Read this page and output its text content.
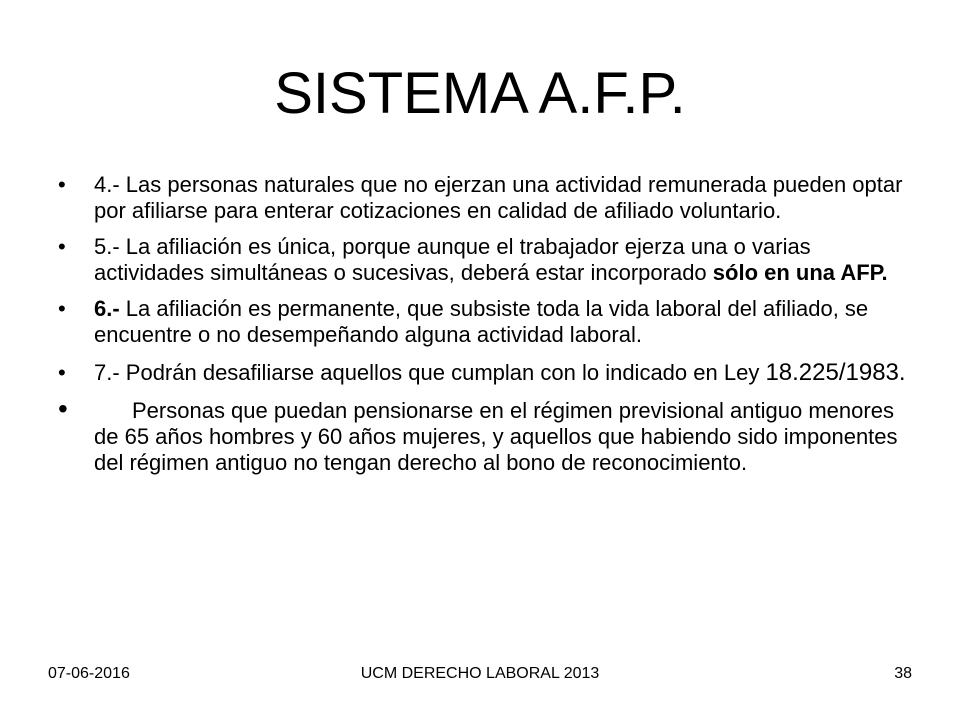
SISTEMA A.F.P.
• 4.- Las personas naturales que no ejerzan una actividad remunerada pueden optar por afiliarse para enterar cotizaciones en calidad de afiliado voluntario.
• 5.- La afiliación es única, porque aunque el trabajador ejerza una o varias actividades simultáneas o sucesivas, deberá estar incorporado sólo en una AFP.
• 6.- La afiliación es permanente, que subsiste toda la vida laboral del afiliado, se encuentre o no desempeñando alguna actividad laboral.
• 7.- Podrán desafiliarse aquellos que cumplan con lo indicado en Ley 18.225/1983.
•	Personas que puedan pensionarse en el régimen previsional antiguo menores de 65 años hombres y 60 años mujeres, y aquellos que habiendo sido imponentes del régimen antiguo no tengan derecho al bono de reconocimiento.
07-06-2016	UCM DERECHO LABORAL 2013	38
